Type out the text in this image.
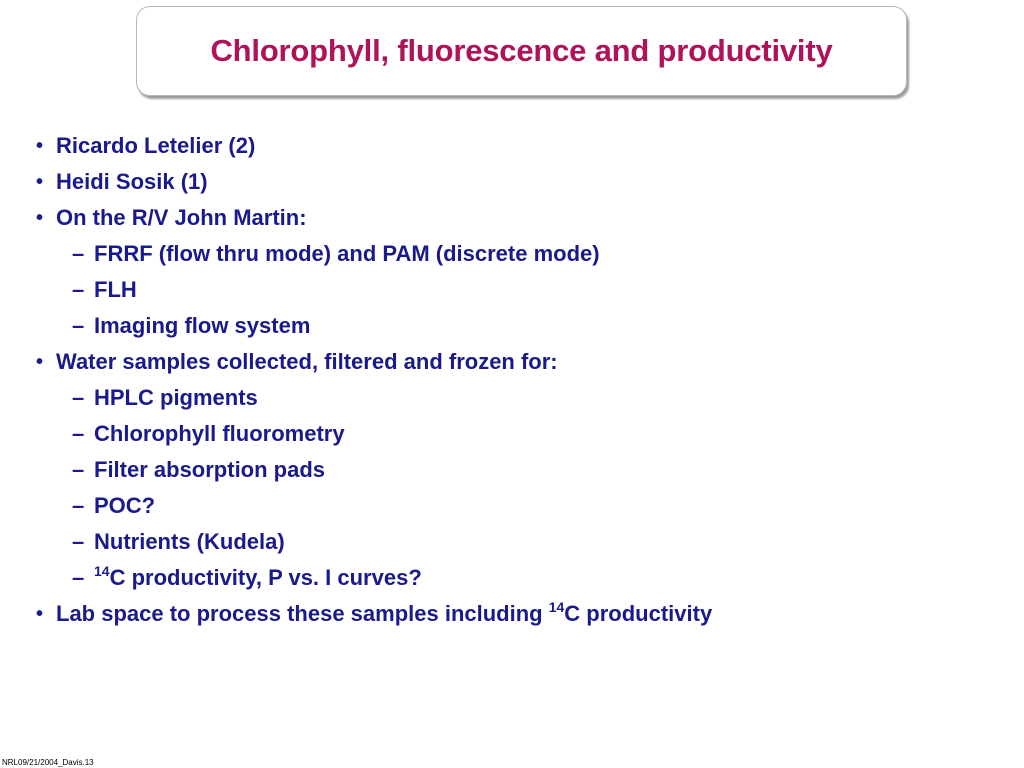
Chlorophyll, fluorescence and productivity
• Ricardo Letelier (2)
• Heidi Sosik (1)
• On the R/V John Martin:
– FRRF (flow thru mode) and PAM (discrete mode)
– FLH
– Imaging flow system
• Water samples collected, filtered and frozen for:
– HPLC pigments
– Chlorophyll fluorometry
– Filter absorption pads
– POC?
– Nutrients (Kudela)
– $^{14}$C productivity, P vs. I curves?
• Lab space to process these samples including $^{14}$C productivity
NRL09/21/2004_Davis.13
